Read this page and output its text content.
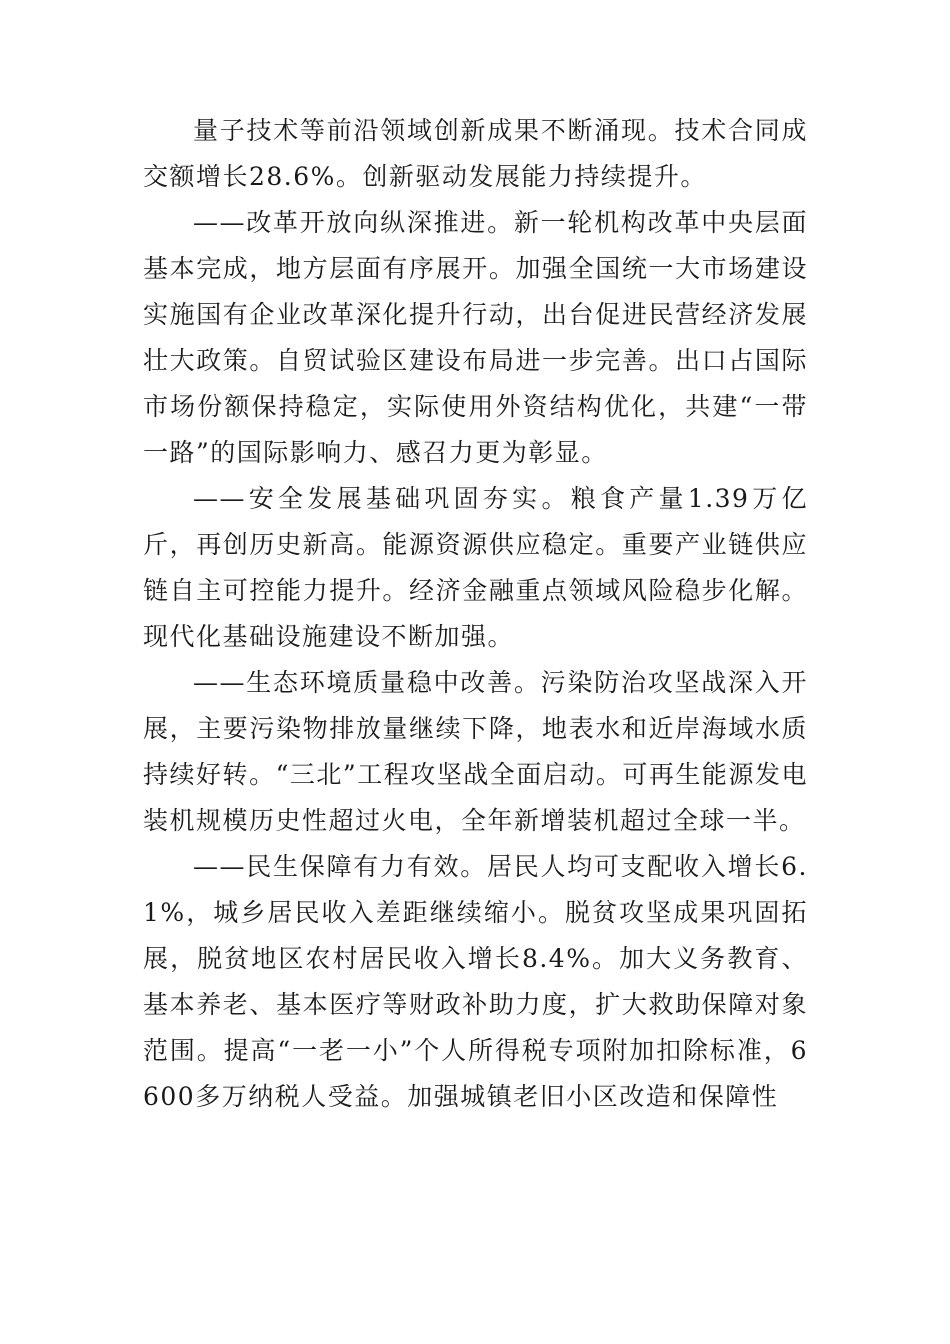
量子技术等前沿领域创新成果不断涌现。技术合同成交额增长28.6%。创新驱动发展能力持续提升。

——改革开放向纵深推进。新一轮机构改革中央层面基本完成，地方层面有序展开。加强全国统一大市场建设实施国有企业改革深化提升行动，出台促进民营经济发展壮大政策。自贸试验区建设布局进一步完善。出口占国际市场份额保持稳定，实际使用外资结构优化，共建“一带一路”的国际影响力、感召力更为彰显。

——安全发展基础巩固夯实。粮食产量1.39万亿斤，再创历史新高。能源资源供应稳定。重要产业链供应链自主可控能力提升。经济金融重点领域风险稳步化解。现代化基础设施建设不断加强。

——生态环境质量稳中改善。污染防治攻坚战深入开展，主要污染物排放量继续下降，地表水和近岸海域水质持续好转。“三北”工程攻坚战全面启动。可再生能源发电装机规模历史性超过火电，全年新增装机超过全球一半。

——民生保障有力有效。居民人均可支配收入增长6.1%，城乡居民收入差距继续缩小。脱贫攻坚成果巩固拓展，脱贫地区农村居民收入增长8.4%。加大义务教育、基本养老、基本医疗等财政补助力度，扩大救助保障对象范围。提高“一老一小”个人所得税专项附加扣除标准，6600多万纳税人受益。加强城镇老旧小区改造和保障性
